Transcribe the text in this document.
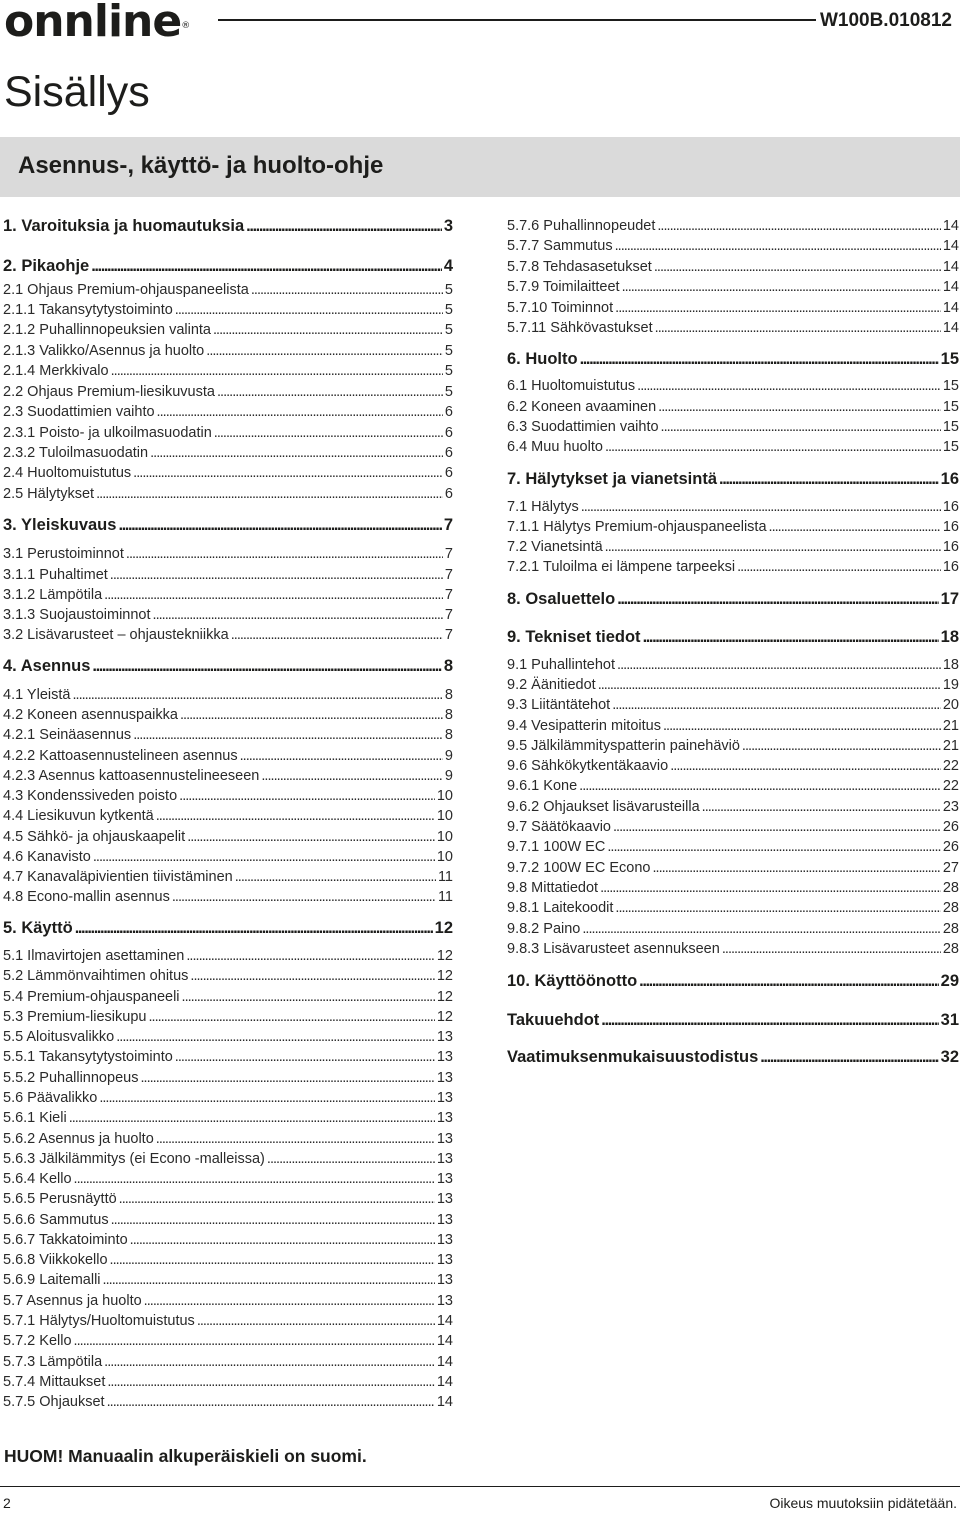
onnline®	W100B.010812
Sisällys
Asennus-, käyttö- ja huolto-ohje
1. Varoituksia ja huomautuksia . . .	3
2. Pikaohje . . .	4
2.1 Ohjaus Premium-ohjauspaneelista . . .	5
2.1.1 Takansytytystoiminto . . .	5
2.1.2 Puhallinnopeuksien valinta . . .	5
2.1.3 Valikko/Asennus ja huolto . . .	5
2.1.4 Merkkivalo . . .	5
2.2 Ohjaus Premium-liesikuvusta . . .	5
2.3 Suodattimien vaihto . . .	6
2.3.1 Poisto- ja ulkoilmasuodatin . . .	6
2.3.2 Tuloilmasuodatin . . .	6
2.4 Huoltomuistutus . . .	6
2.5 Hälytykset . . .	6
3. Yleiskuvaus . . .	7
3.1 Perustoiminnot . . .	7
3.1.1 Puhaltimet . . .	7
3.1.2 Lämpötila . . .	7
3.1.3 Suojaustoiminnot . . .	7
3.2 Lisävarusteet – ohjaustekniikka . . .	7
4. Asennus . . .	8
4.1 Yleistä . . .	8
4.2 Koneen asennuspaikka . . .	8
4.2.1 Seinäasennus . . .	8
4.2.2 Kattoasennustelineen asennus . . .	9
4.2.3 Asennus kattoasennustelineeseen . . .	9
4.3 Kondenssiveden poisto . . .	10
4.4 Liesikuvun kytkentä . . .	10
4.5 Sähkö- ja ohjauskaapelit . . .	10
4.6 Kanavisto . . .	10
4.7 Kanavaläpivientien tiivistäminen . . .	11
4.8 Econo-mallin asennus . . .	11
5. Käyttö . . .	12
5.1 Ilmavirtojen asettaminen . . .	12
5.2 Lämmönvaihtimen ohitus . . .	12
5.4 Premium-ohjauspaneeli . . .	12
5.3 Premium-liesikupu . . .	12
5.5 Aloitusvalikko . . .	13
5.5.1 Takansytytystoiminto . . .	13
5.5.2 Puhallinnopeus . . .	13
5.6 Päävalikko . . .	13
5.6.1 Kieli . . .	13
5.6.2 Asennus ja huolto . . .	13
5.6.3 Jälkilämmitys (ei Econo -malleissa) . . .	13
5.6.4 Kello . . .	13
5.6.5 Perusnäyttö . . .	13
5.6.6 Sammutus . . .	13
5.6.7 Takkatoiminto . . .	13
5.6.8 Viikkokello . . .	13
5.6.9 Laitemalli . . .	13
5.7 Asennus ja huolto . . .	13
5.7.1 Hälytys/Huoltomuistutus . . .	14
5.7.2 Kello . . .	14
5.7.3 Lämpötila . . .	14
5.7.4 Mittaukset . . .	14
5.7.5 Ohjaukset . . .	14
5.7.6 Puhallinnopeudet . . .	14
5.7.7 Sammutus . . .	14
5.7.8 Tehdasasetukset . . .	14
5.7.9 Toimilaitteet . . .	14
5.7.10 Toiminnot . . .	14
5.7.11 Sähkövastukset . . .	14
6. Huolto . . .	15
6.1 Huoltomuistutus . . .	15
6.2 Koneen avaaminen . . .	15
6.3 Suodattimien vaihto . . .	15
6.4 Muu huolto . . .	15
7. Hälytykset ja vianetsintä . . .	16
7.1 Hälytys . . .	16
7.1.1 Hälytys Premium-ohjauspaneelista . . .	16
7.2 Vianetsintä . . .	16
7.2.1 Tuloilma ei lämpene tarpeeksi . . .	16
8. Osaluettelo . . .	17
9. Tekniset tiedot . . .	18
9.1 Puhallintehot . . .	18
9.2 Äänitiedot . . .	19
9.3 Liitäntätehot . . .	20
9.4 Vesipatterin mitoitus . . .	21
9.5 Jälkilämmityspatterin painehäviö . . .	21
9.6 Sähkökytkentäkaavio . . .	22
9.6.1 Kone . . .	22
9.6.2 Ohjaukset lisävarusteilla . . .	23
9.7 Säätökaavio . . .	26
9.7.1 100W EC . . .	26
9.7.2 100W EC Econo . . .	27
9.8 Mittatiedot . . .	28
9.8.1 Laitekoodit . . .	28
9.8.2 Paino . . .	28
9.8.3 Lisävarusteet asennukseen . . .	28
10. Käyttöönotto . . .	29
Takuuehdot . . .	31
Vaatimuksenmukaisuustodistus . . .	32
HUOM! Manuaalin alkuperäiskieli on suomi.
2	Oikeus muutoksiin pidätetään.
